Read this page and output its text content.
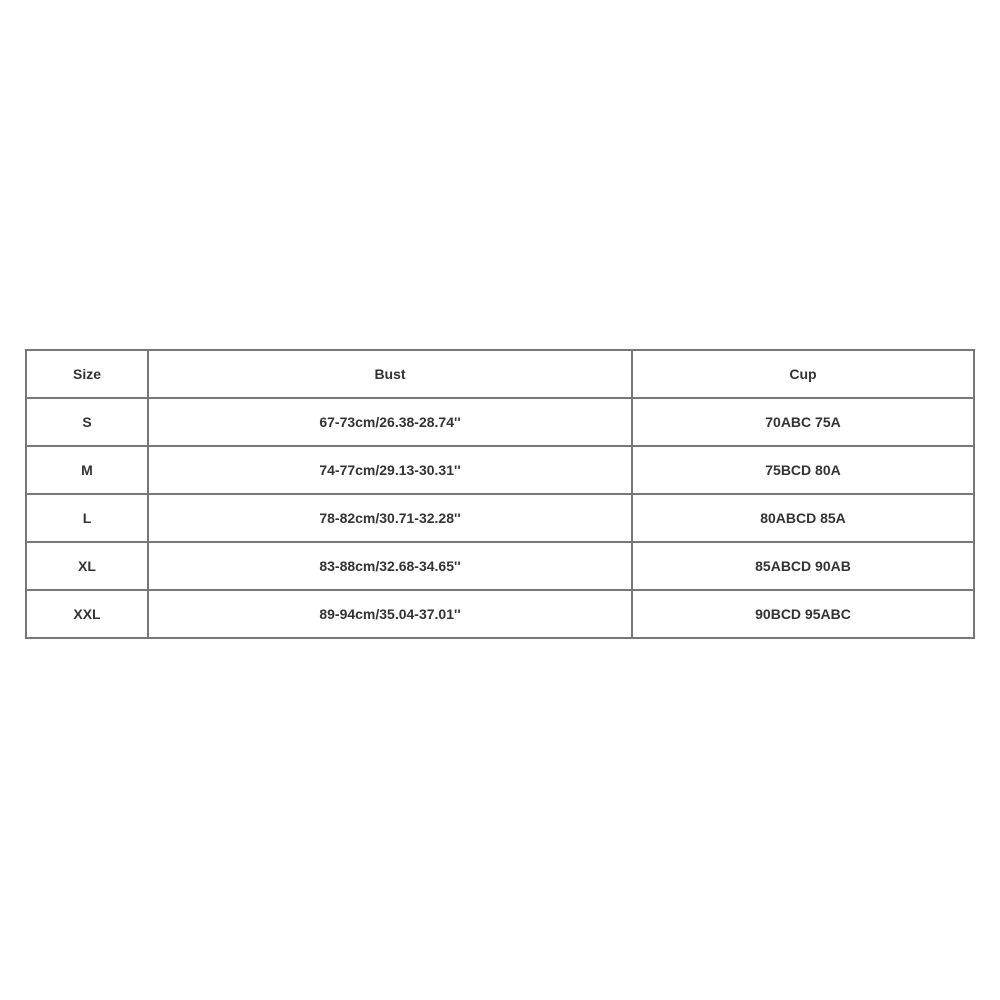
Size	Bust	Cup
S	67-73cm/26.38-28.74''	70ABC 75A
M	74-77cm/29.13-30.31''	75BCD 80A
L	78-82cm/30.71-32.28''	80ABCD 85A
XL	83-88cm/32.68-34.65''	85ABCD 90AB
XXL	89-94cm/35.04-37.01''	90BCD 95ABC
